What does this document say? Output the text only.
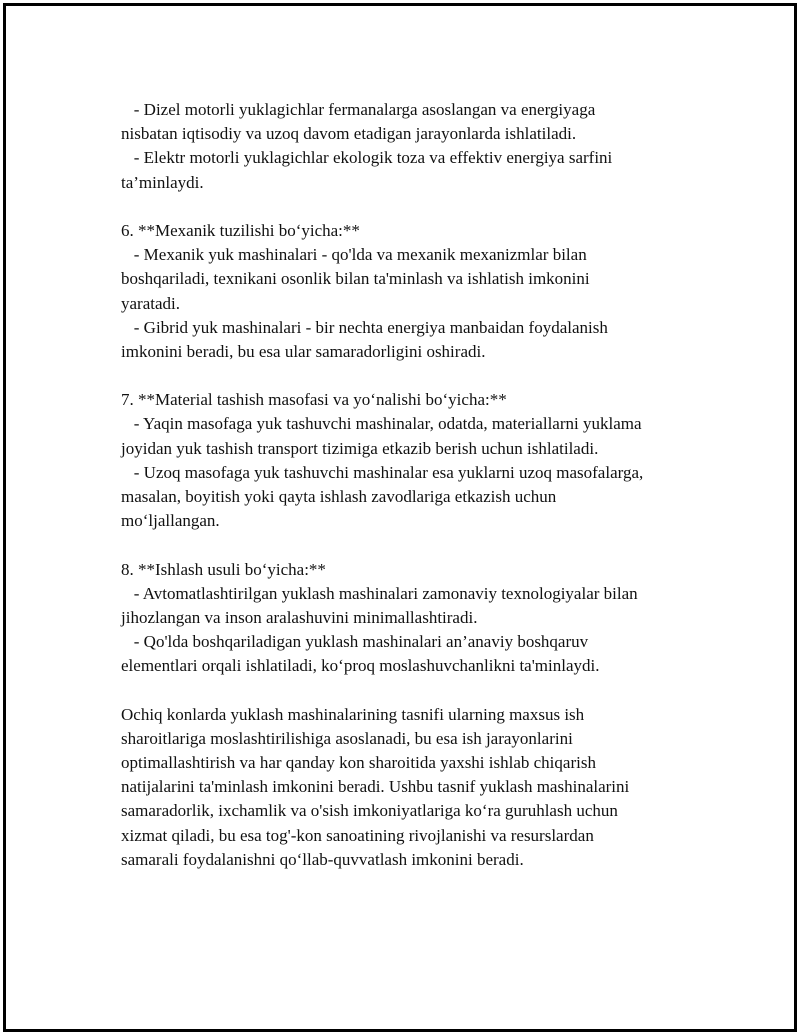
- Dizel motorli yuklagichlar fermanalarga asoslangan va energiyaga
nisbatan iqtisodiy va uzoq davom etadigan jarayonlarda ishlatiladi.
- Elektr motorli yuklagichlar ekologik toza va effektiv energiya sarfini
ta’minlaydi.
6. **Mexanik tuzilishi bo‘yicha:**
- Mexanik yuk mashinalari - qo'lda va mexanik mexanizmlar bilan
boshqariladi, texnikani osonlik bilan ta'minlash va ishlatish imkonini
yaratadi.
- Gibrid yuk mashinalari - bir nechta energiya manbaidan foydalanish
imkonini beradi, bu esa ular samaradorligini oshiradi.
7. **Material tashish masofasi va yo‘nalishi bo‘yicha:**
- Yaqin masofaga yuk tashuvchi mashinalar, odatda, materiallarni yuklama
joyidan yuk tashish transport tizimiga etkazib berish uchun ishlatiladi.
- Uzoq masofaga yuk tashuvchi mashinalar esa yuklarni uzoq masofalarga,
masalan, boyitish yoki qayta ishlash zavodlariga etkazish uchun
mo‘ljallangan.
8. **Ishlash usuli bo‘yicha:**
- Avtomatlashtirilgan yuklash mashinalari zamonaviy texnologiyalar bilan
jihozlangan va inson aralashuvini minimallashtiradi.
- Qo'lda boshqariladigan yuklash mashinalari an’anaviy boshqaruv
elementlari orqali ishlatiladi, ko‘proq moslashuvchanlikni ta'minlaydi.
Ochiq konlarda yuklash mashinalarining tasnifi ularning maxsus ish
sharoitlariga moslashtirilishiga asoslanadi, bu esa ish jarayonlarini
optimallashtirish va har qanday kon sharoitida yaxshi ishlab chiqarish
natijalarini ta'minlash imkonini beradi. Ushbu tasnif yuklash mashinalarini
samaradorlik, ixchamlik va o'sish imkoniyatlariga ko‘ra guruhlash uchun
xizmat qiladi, bu esa tog'-kon sanoatining rivojlanishi va resurslardan
samarali foydalanishni qo‘llab-quvvatlash imkonini beradi.
